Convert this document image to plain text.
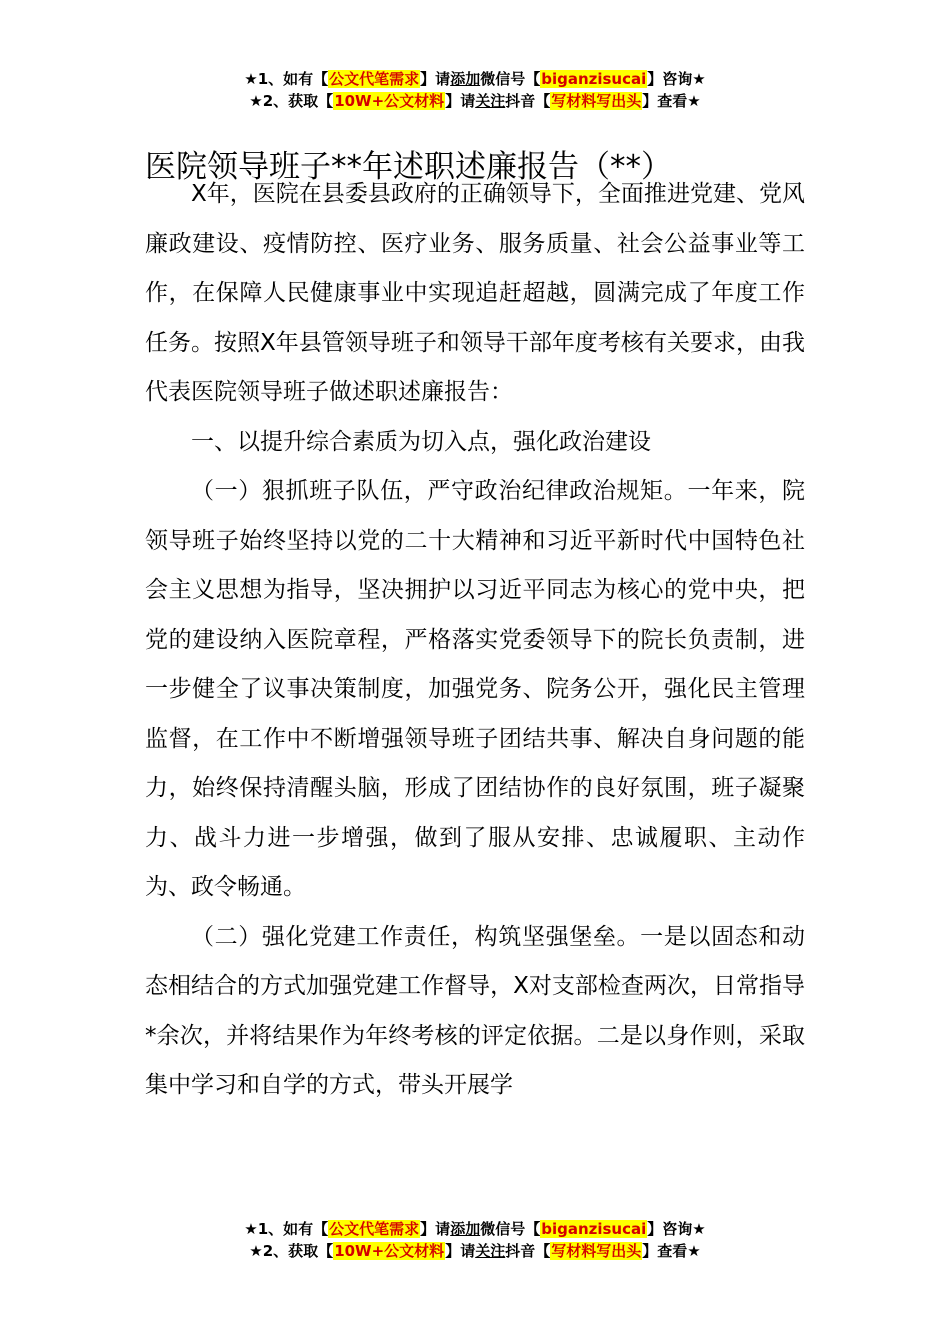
★1、如有【公文代笔需求】请添加微信号【biganzisucai】咨询★
★2、获取【10W+公文材料】请关注抖音【写材料写出头】查看★
医院领导班子**年述职述廉报告（**）

X年，医院在县委县政府的正确领导下，全面推进党建、党风廉政建设、疫情防控、医疗业务、服务质量、社会公益事业等工作，在保障人民健康事业中实现追赶超越，圆满完成了年度工作任务。按照X年县管领导班子和领导干部年度考核有关要求，由我代表医院领导班子做述职述廉报告：

一、以提升综合素质为切入点，强化政治建设

（一）狠抓班子队伍，严守政治纪律政治规矩。一年来，院领导班子始终坚持以党的二十大精神和习近平新时代中国特色社会主义思想为指导，坚决拥护以习近平同志为核心的党中央，把党的建设纳入医院章程，严格落实党委领导下的院长负责制，进一步健全了议事决策制度，加强党务、院务公开，强化民主管理监督，在工作中不断增强领导班子团结共事、解决自身问题的能力，始终保持清醒头脑，形成了团结协作的良好氛围，班子凝聚力、战斗力进一步增强，做到了服从安排、忠诚履职、主动作为、政令畅通。

（二）强化党建工作责任，构筑坚强堡垒。一是以固态和动态相结合的方式加强党建工作督导，X对支部检查两次，日常指导*余次，并将结果作为年终考核的评定依据。二是以身作则，采取集中学习和自学的方式，带头开展学

★1、如有【公文代笔需求】请添加微信号【biganzisucai】咨询★
★2、获取【10W+公文材料】请关注抖音【写材料写出头】查看★
